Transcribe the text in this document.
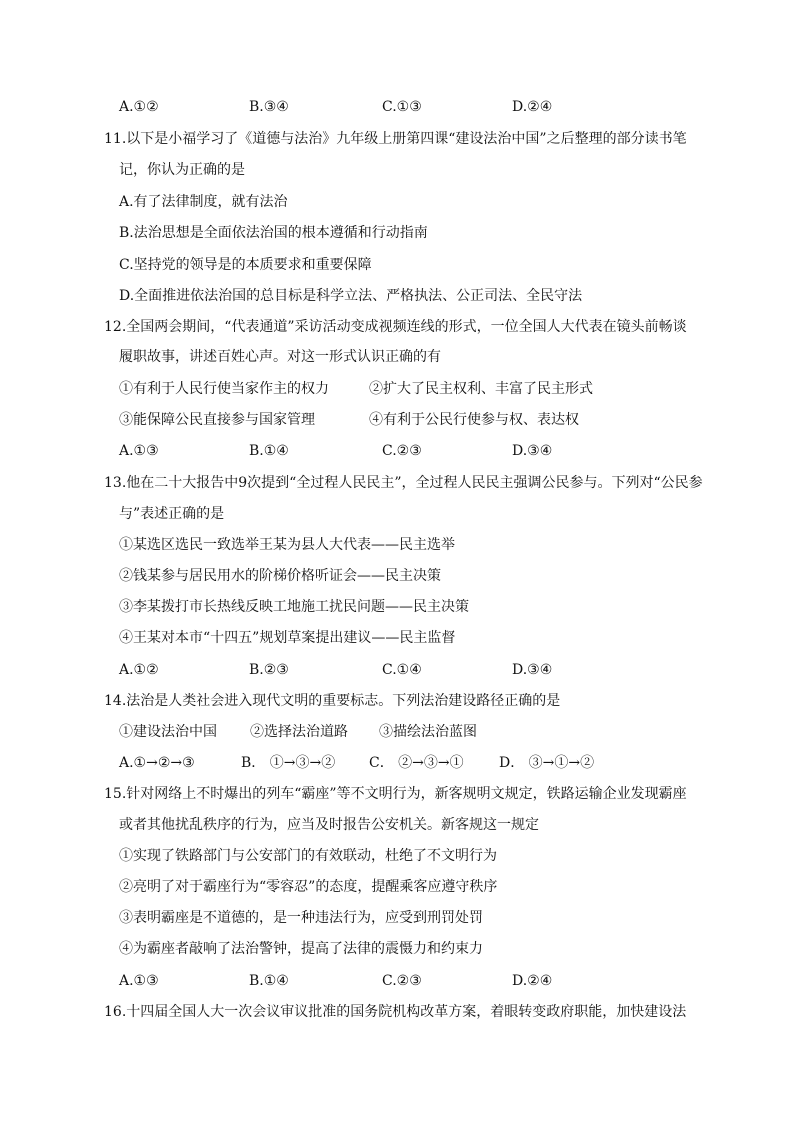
A.①②	B.③④	C.①③	D.②④
11.以下是小福学习了《道德与法治》九年级上册第四课“建设法治中国”之后整理的部分读书笔
记，你认为正确的是
A.有了法律制度，就有法治
B.法治思想是全面依法治国的根本遵循和行动指南
C.坚持党的领导是的本质要求和重要保障
D.全面推进依法治国的总目标是科学立法、严格执法、公正司法、全民守法
12.全国两会期间，“代表通道”采访活动变成视频连线的形式，一位全国人大代表在镜头前畅谈
履职故事，讲述百姓心声。对这一形式认识正确的有
①有利于人民行使当家作主的权力	②扩大了民主权利、丰富了民主形式
③能保障公民直接参与国家管理	④有利于公民行使参与权、表达权
A.①③	B.①④	C.②③	D.③④
13.他在二十大报告中9次提到“全过程人民民主”，全过程人民民主强调公民参与。下列对“公民参
与”表述正确的是
①某选区选民一致选举王某为县人大代表——民主选举
②钱某参与居民用水的阶梯价格听证会——民主决策
③李某拨打市长热线反映工地施工扰民问题——民主决策
④王某对本市“十四五”规划草案提出建议——民主监督
A.①②	B.②③	C.①④	D.③④
14.法治是人类社会进入现代文明的重要标志。下列法治建设路径正确的是
①建设法治中国 ②选择法治道路 ③描绘法治蓝图
A.①→②→③	B． ①→③→② C． ②→③→①	D． ③→①→②
15.针对网络上不时爆出的列车“霸座”等不文明行为，新客规明文规定，铁路运输企业发现霸座
或者其他扰乱秩序的行为，应当及时报告公安机关。新客规这一规定
①实现了铁路部门与公安部门的有效联动，杜绝了不文明行为
②亮明了对于霸座行为“零容忍”的态度，提醒乘客应遵守秩序
③表明霸座是不道德的，是一种违法行为，应受到刑罚处罚
④为霸座者敲响了法治警钟，提高了法律的震慑力和约束力
A.①③	B.①④	C.②③	D.②④
16.十四届全国人大一次会议审议批准的国务院机构改革方案，着眼转变政府职能，加快建设法
